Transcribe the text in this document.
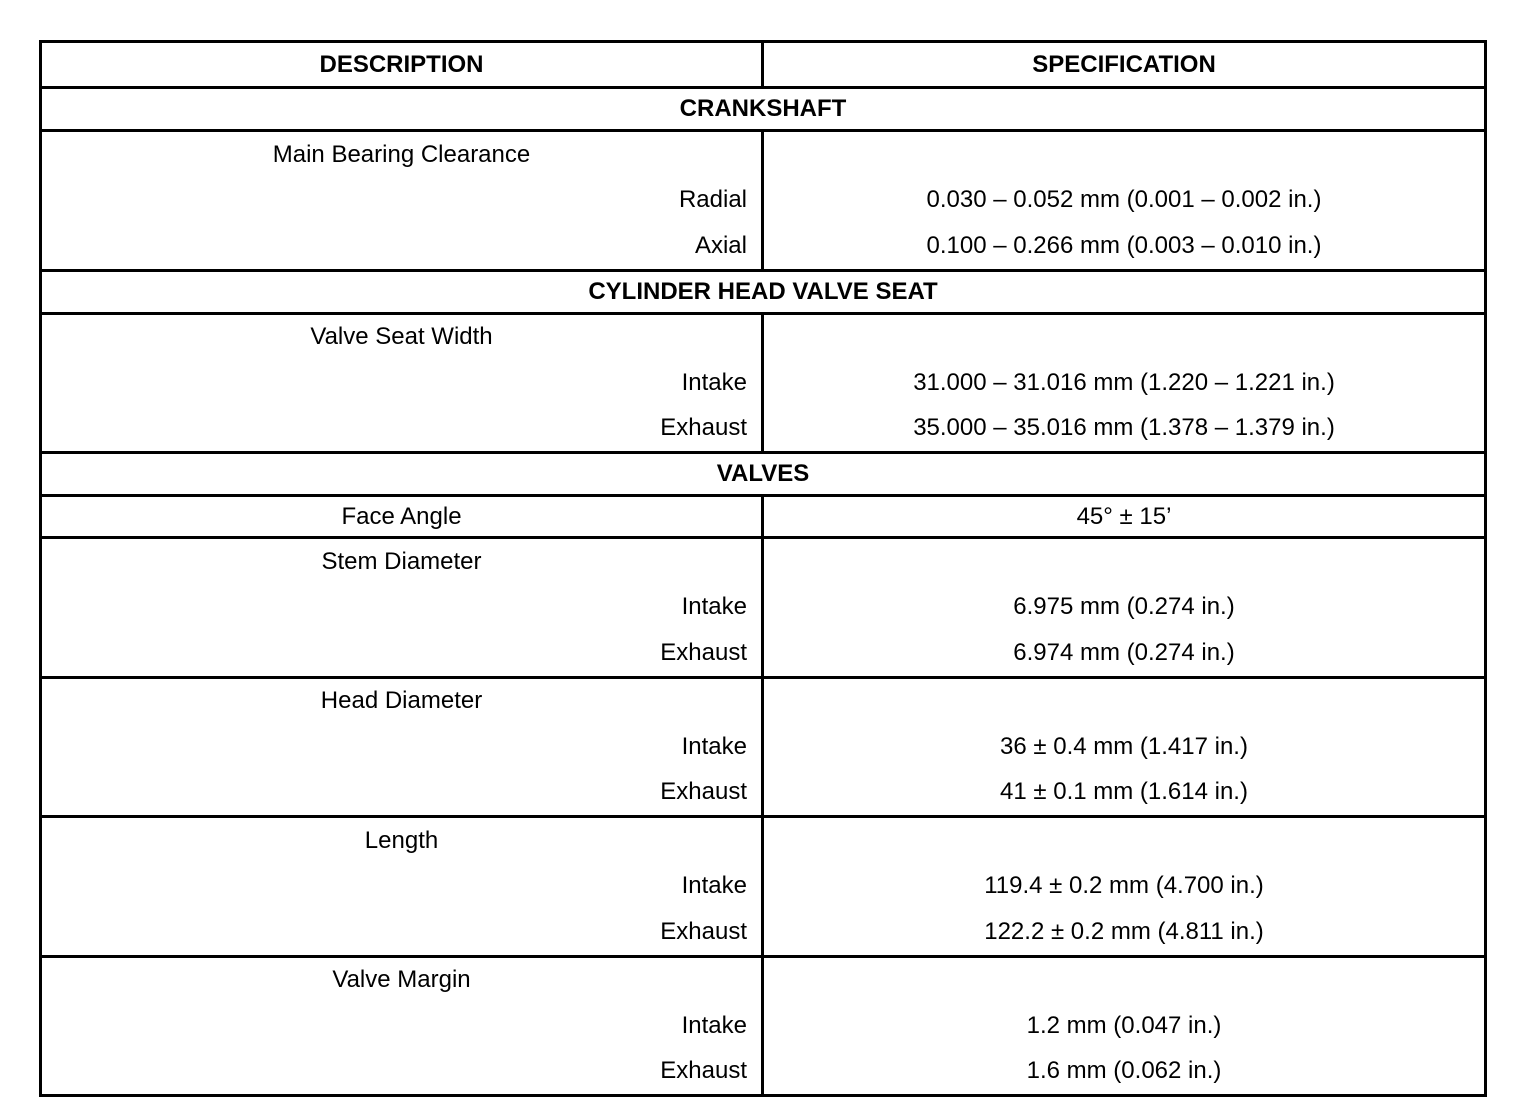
DESCRIPTION	SPECIFICATION
CRANKSHAFT
Main Bearing Clearance
Radial
Axial
0.030 – 0.052 mm (0.001 – 0.002 in.)
0.100 – 0.266 mm (0.003 – 0.010 in.)
CYLINDER HEAD VALVE SEAT
Valve Seat Width
Intake
Exhaust
31.000 – 31.016 mm (1.220 – 1.221 in.)
35.000 – 35.016 mm (1.378 – 1.379 in.)
VALVES
Face Angle	45° ± 15’
Stem Diameter
Intake
Exhaust
6.975 mm (0.274 in.)
6.974 mm (0.274 in.)
Head Diameter
Intake
Exhaust
36 ± 0.4 mm (1.417 in.)
41 ± 0.1 mm (1.614 in.)
Length
Intake
Exhaust
119.4 ± 0.2 mm (4.700 in.)
122.2 ± 0.2 mm (4.811 in.)
Valve Margin
Intake
Exhaust
1.2 mm (0.047 in.)
1.6 mm (0.062 in.)
